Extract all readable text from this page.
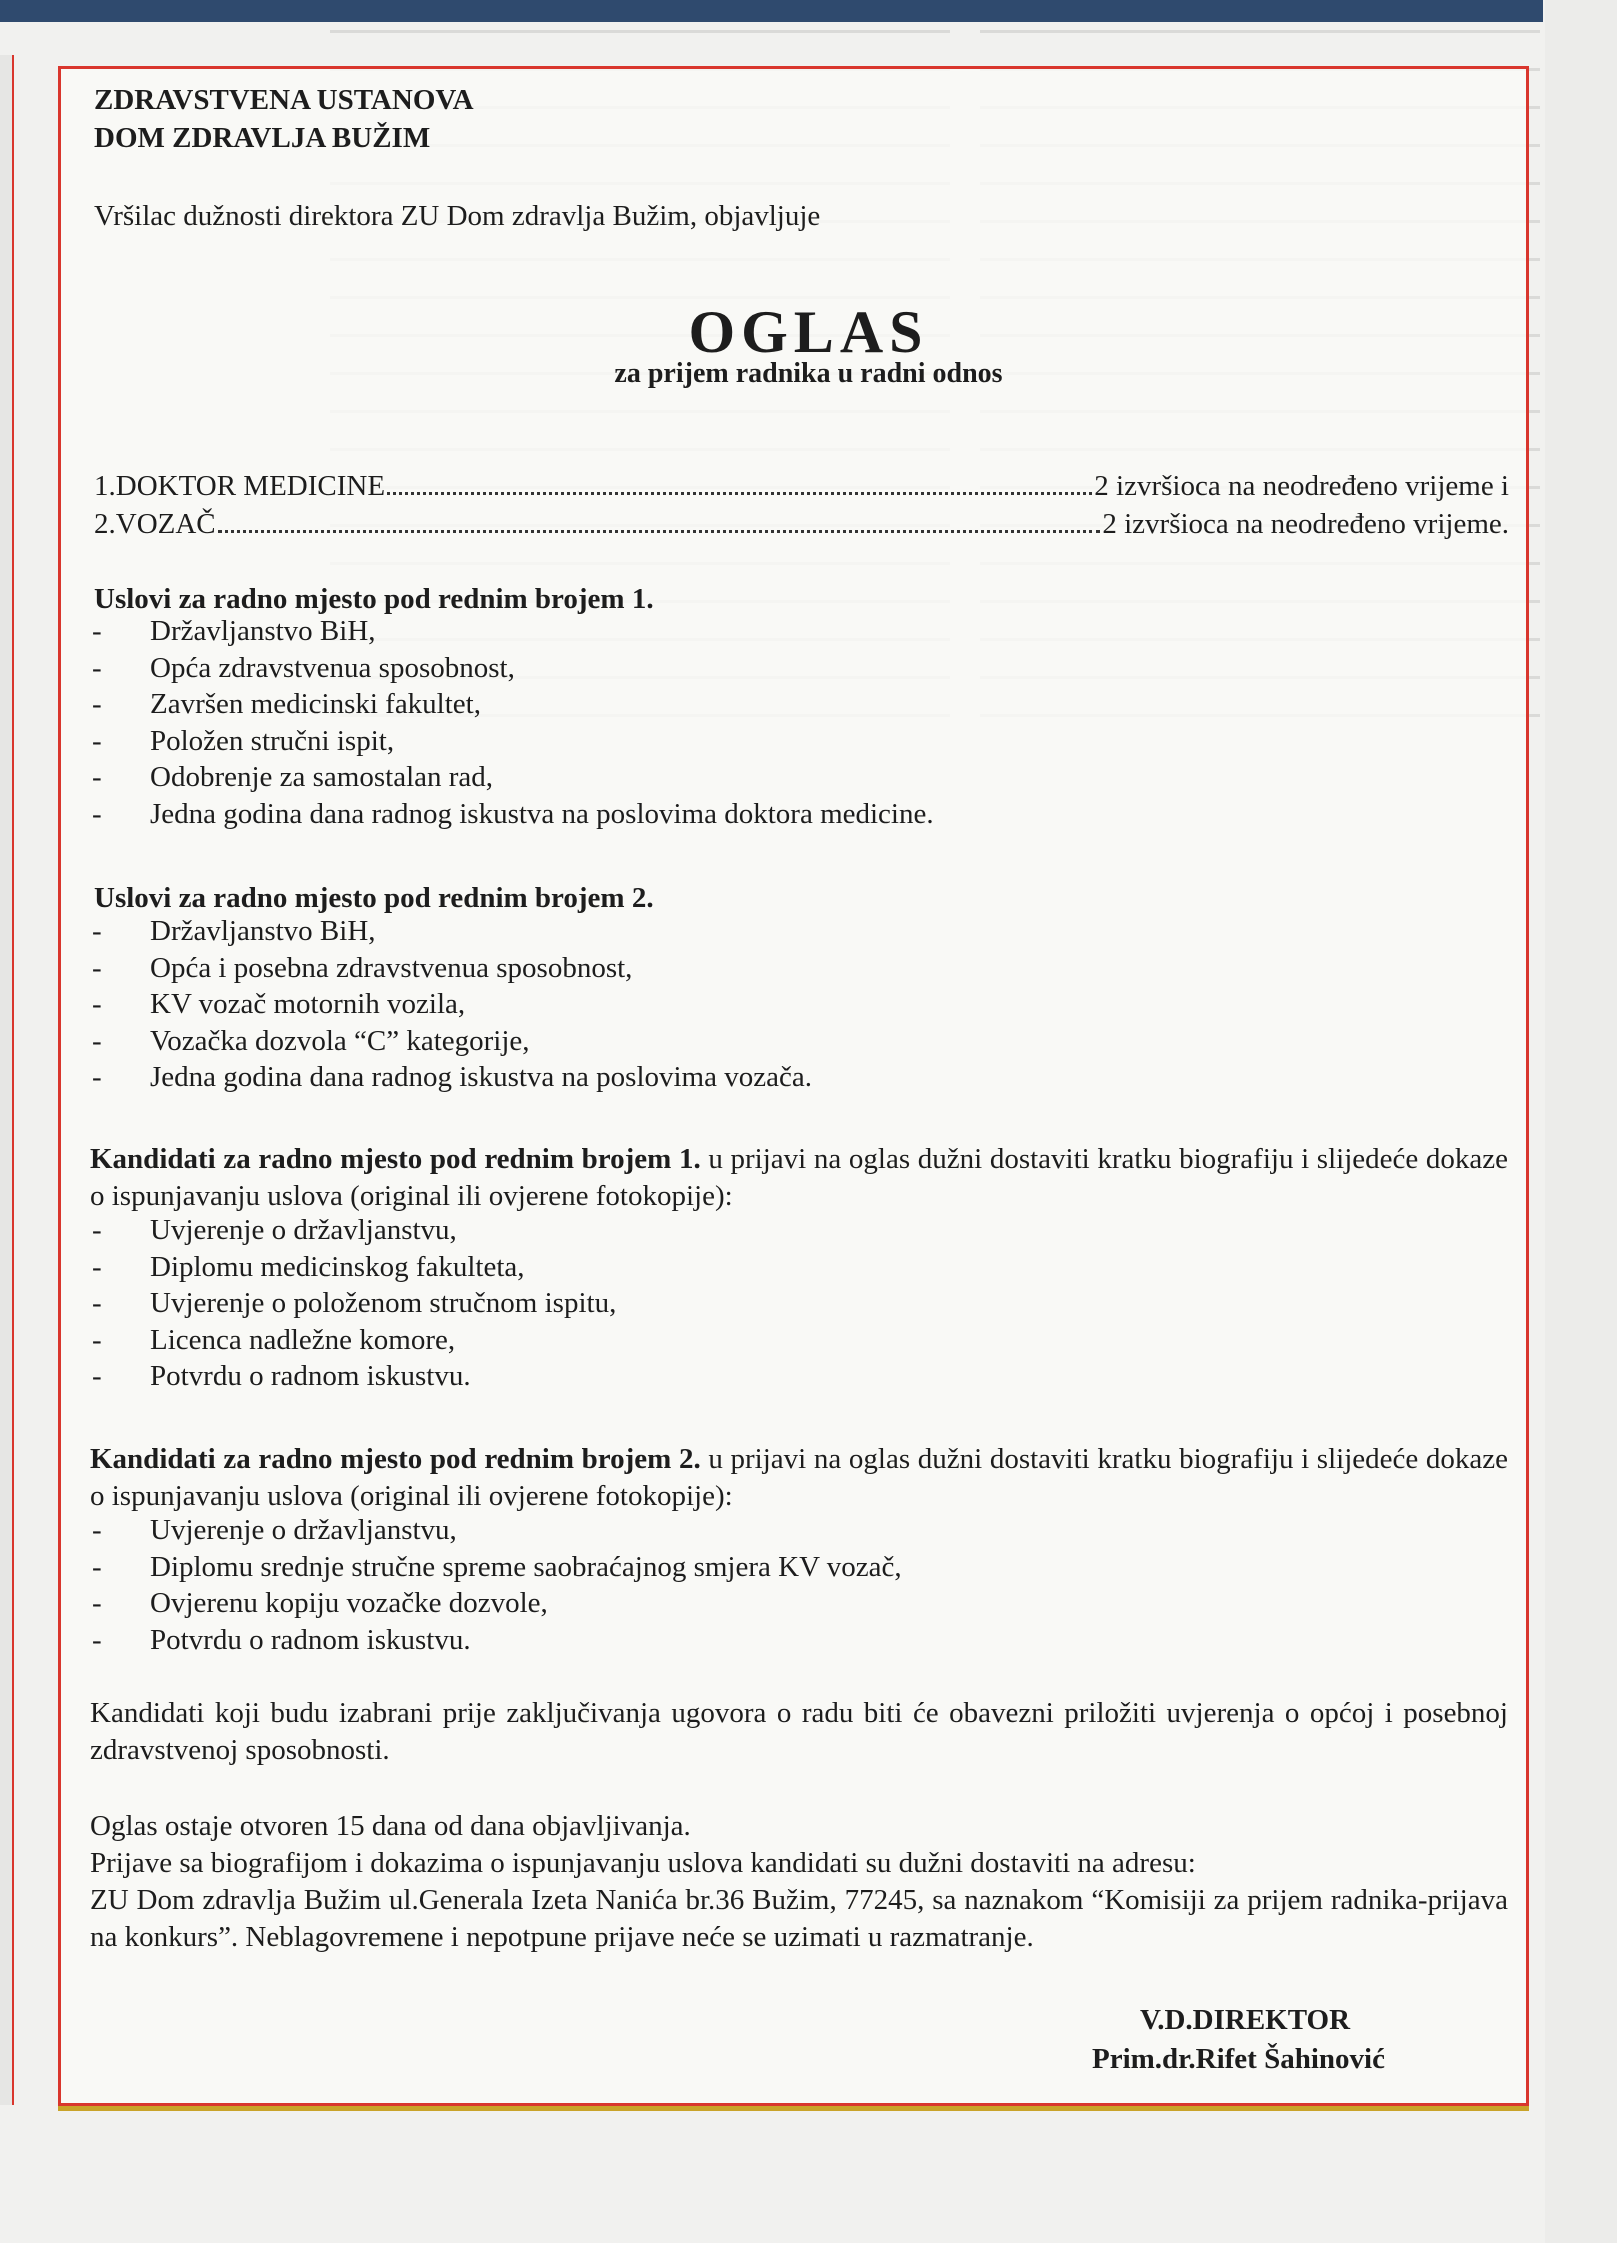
ZDRAVSTVENA USTANOVA
DOM ZDRAVLJA BUŽIM
Vršilac dužnosti direktora ZU Dom zdravlja Bužim, objavljuje
OGLAS
za prijem radnika u radni odnos
1.DOKTOR MEDICINE	2 izvršioca na neodređeno vrijeme i
2.VOZAČ	2 izvršioca na neodređeno vrijeme.
Uslovi za radno mjesto pod rednim brojem 1.
- Državljanstvo BiH,
- Opća zdravstvenua sposobnost,
- Završen medicinski fakultet,
- Položen stručni ispit,
- Odobrenje za samostalan rad,
- Jedna godina dana radnog iskustva na poslovima doktora medicine.
Uslovi za radno mjesto pod rednim brojem 2.
- Državljanstvo BiH,
- Opća i posebna zdravstvenua sposobnost,
- KV vozač motornih vozila,
- Vozačka dozvola “C” kategorije,
- Jedna godina dana radnog iskustva na poslovima vozača.
Kandidati za radno mjesto pod rednim brojem 1. u prijavi na oglas dužni dostaviti kratku biografiju i slijedeće dokaze o ispunjavanju uslova (original ili ovjerene fotokopije):
- Uvjerenje o državljanstvu,
- Diplomu medicinskog fakulteta,
- Uvjerenje o položenom stručnom ispitu,
- Licenca nadležne komore,
- Potvrdu o radnom iskustvu.
Kandidati za radno mjesto pod rednim brojem 2. u prijavi na oglas dužni dostaviti kratku biografiju i slijedeće dokaze o ispunjavanju uslova (original ili ovjerene fotokopije):
- Uvjerenje o državljanstvu,
- Diplomu srednje stručne spreme saobraćajnog smjera KV vozač,
- Ovjerenu kopiju vozačke dozvole,
- Potvrdu o radnom iskustvu.
Kandidati koji budu izabrani prije zaključivanja ugovora o radu biti će obavezni priložiti uvjerenja o općoj i posebnoj zdravstvenoj sposobnosti.
Oglas ostaje otvoren 15 dana od dana objavljivanja.
Prijave sa biografijom i dokazima o ispunjavanju uslova kandidati su dužni dostaviti na adresu:
ZU Dom zdravlja Bužim ul.Generala Izeta Nanića br.36 Bužim, 77245, sa naznakom “Komisiji za prijem radnika-prijava na konkurs”. Neblagovremene i nepotpune prijave neće se uzimati u razmatranje.
V.D.DIREKTOR
Prim.dr.Rifet Šahinović
